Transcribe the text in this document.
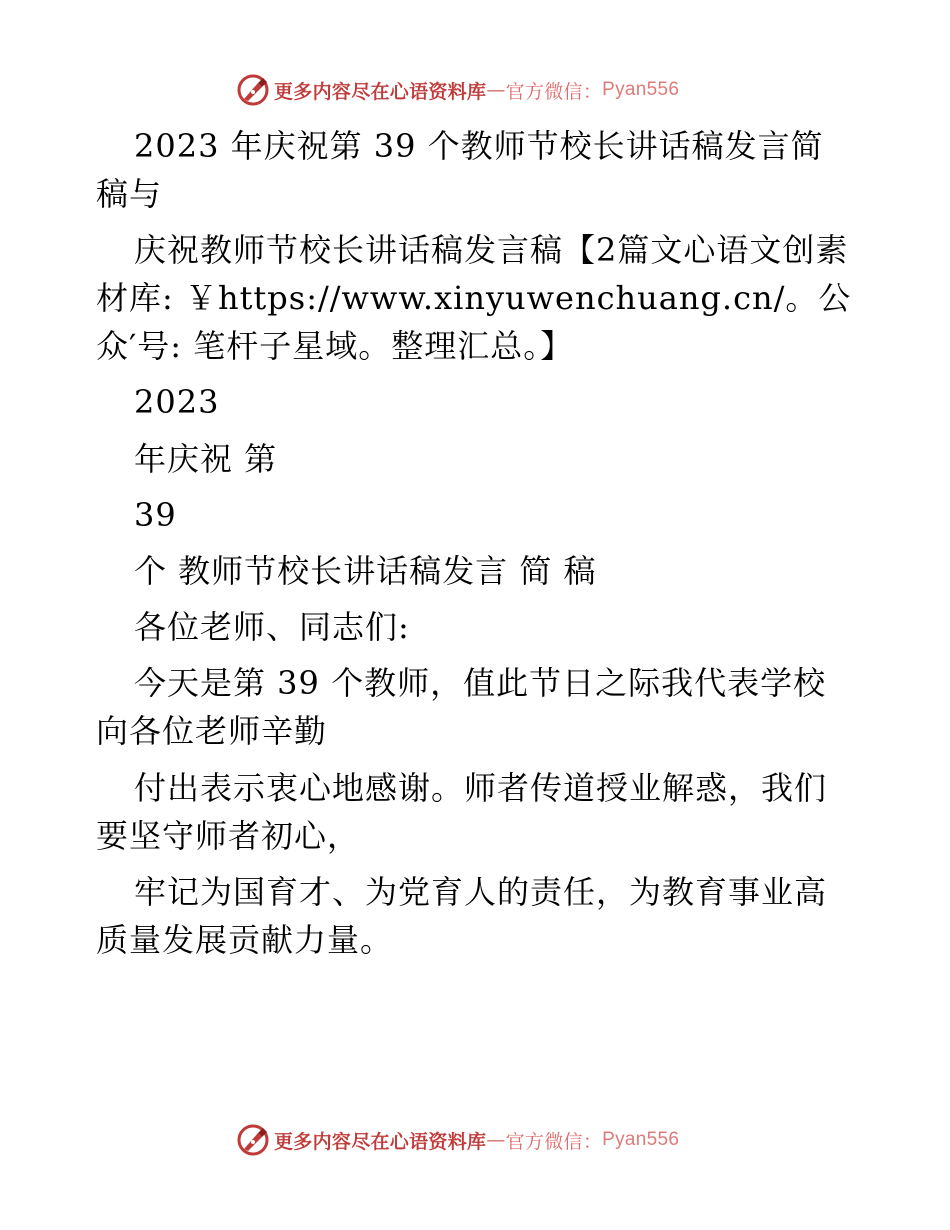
更多内容尽在心语资料库 — 官方微信： Pyan556

2023 年庆祝第 39 个教师节校长讲话稿发言简稿与

庆祝教师节校长讲话稿发言稿【2篇文心语文创素材库: ￥https://www.xinyuwenchuang.cn/。公众′号: 笔杆子星域。整理汇总。】

2023

年庆祝 第

39

个 教师节校长讲话稿发言 简 稿

各位老师、同志们:

今天是第 39 个教师，值此节日之际我代表学校向各位老师辛勤

付出表示衷心地感谢。师者传道授业解惑，我们要坚守师者初心，

牢记为国育才、为党育人的责任，为教育事业高质量发展贡献力量。

更多内容尽在心语资料库 — 官方微信： Pyan556
